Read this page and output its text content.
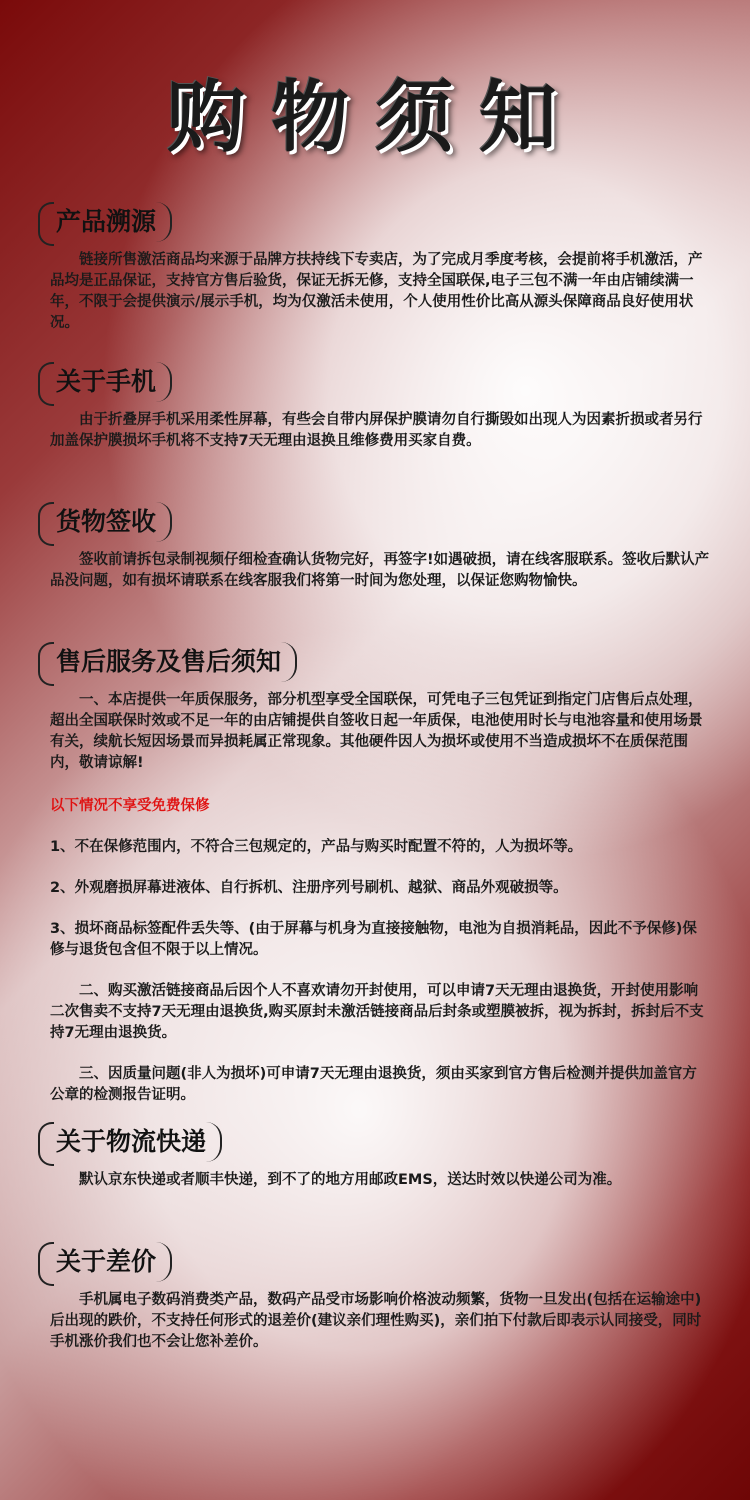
购物须知
产品溯源
链接所售激活商品均来源于品牌方扶持线下专卖店，为了完成月季度考核，会提前将手机激活，产品均是正品保证，支持官方售后验货，保证无拆无修，支持全国联保,电子三包不满一年由店铺续满一年，不限于会提供演示/展示手机，均为仅激活未使用，个人使用性价比高从源头保障商品良好使用状况。
关于手机
由于折叠屏手机采用柔性屏幕，有些会自带内屏保护膜请勿自行撕毁如出现人为因素折损或者另行加盖保护膜损坏手机将不支持7天无理由退换且维修费用买家自费。
货物签收
签收前请拆包录制视频仔细检查确认货物完好，再签字!如遇破损，请在线客服联系。签收后默认产品没问题，如有损坏请联系在线客服我们将第一时间为您处理，以保证您购物愉快。
售后服务及售后须知
一、本店提供一年质保服务，部分机型享受全国联保，可凭电子三包凭证到指定门店售后点处理，超出全国联保时效或不足一年的由店铺提供自签收日起一年质保，电池使用时长与电池容量和使用场景有关，续航长短因场景而异损耗属正常现象。其他硬件因人为损坏或使用不当造成损坏不在质保范围内，敬请谅解!
以下情况不享受免费保修
1、不在保修范围内，不符合三包规定的，产品与购买时配置不符的，人为损坏等。
2、外观磨损屏幕进液体、自行拆机、注册序列号刷机、越狱、商品外观破损等。
3、损坏商品标签配件丢失等、(由于屏幕与机身为直接接触物，电池为自损消耗品，因此不予保修)保修与退货包含但不限于以上情况。
二、购买激活链接商品后因个人不喜欢请勿开封使用，可以申请7天无理由退换货，开封使用影响二次售卖不支持7天无理由退换货,购买原封未激活链接商品后封条或塑膜被拆，视为拆封，拆封后不支持7无理由退换货。
三、因质量问题(非人为损坏)可申请7天无理由退换货，须由买家到官方售后检测并提供加盖官方公章的检测报告证明。
关于物流快递
默认京东快递或者顺丰快递，到不了的地方用邮政EMS，送达时效以快递公司为准。
关于差价
手机属电子数码消费类产品，数码产品受市场影响价格波动频繁，货物一旦发出(包括在运输途中)后出现的跌价，不支持任何形式的退差价(建议亲们理性购买)，亲们拍下付款后即表示认同接受，同时手机涨价我们也不会让您补差价。
